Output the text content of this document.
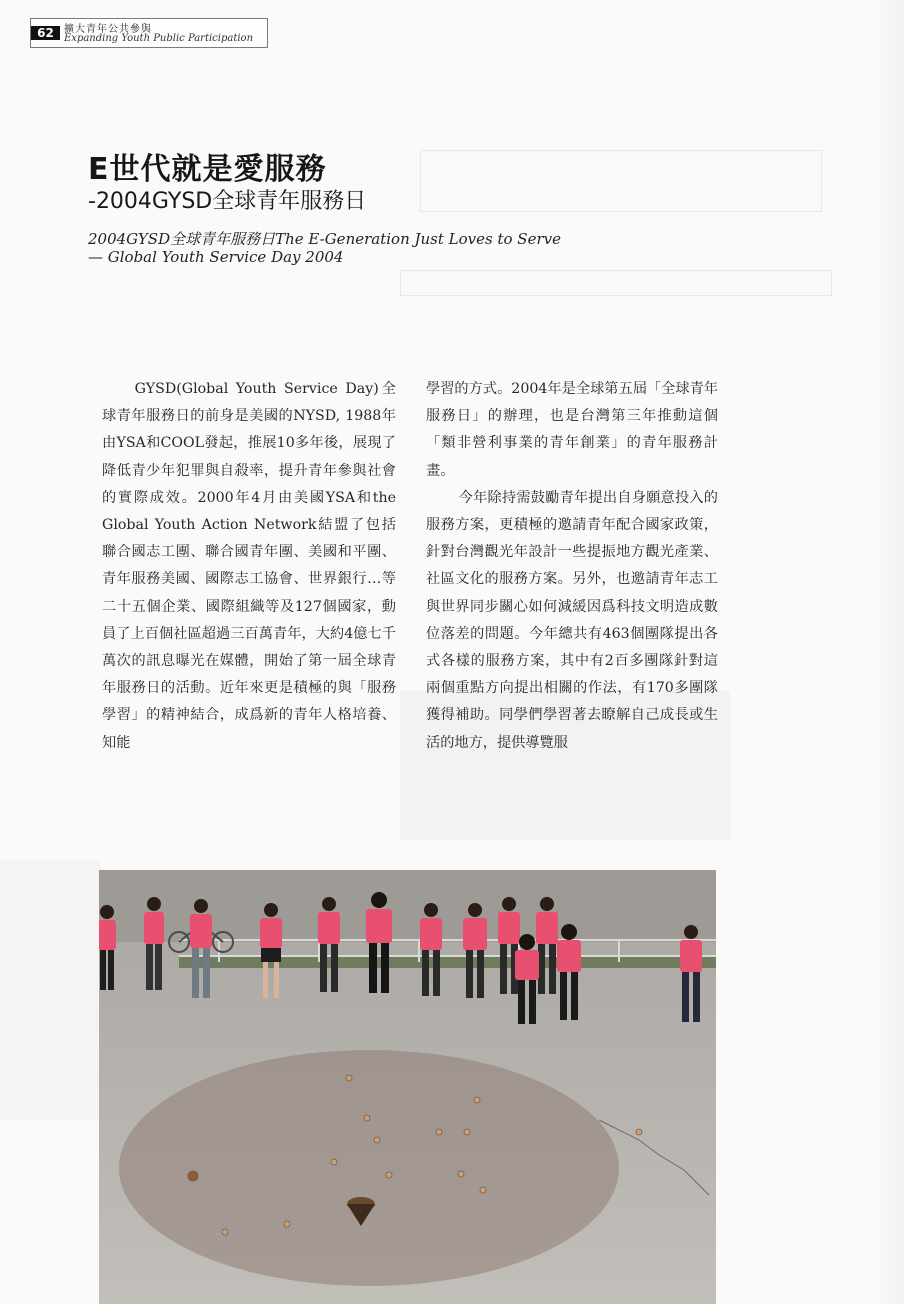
62	擴大青年公共參與
Expanding Youth Public Participation
E世代就是愛服務
-2004GYSD全球青年服務日
2004GYSD全球青年服務日The E-Generation Just Loves to Serve
— Global Youth Service Day 2004

GYSD(Global Youth Service Day)全球青年服務日的前身是美國的NYSD, 1988年由YSA和COOL發起，推展10多年後，展現了降低青少年犯罪與自殺率，提升青年參與社會的實際成效。2000年4月由美國YSA和the Global Youth Action Network結盟了包括聯合國志工團、聯合國青年團、美國和平團、青年服務美國、國際志工協會、世界銀行…等二十五個企業、國際組織等及127個國家，動員了上百個社區超過三百萬青年，大約4億七千萬次的訊息曝光在媒體，開始了第一屆全球青年服務日的活動。近年來更是積極的與「服務學習」的精神結合，成爲新的青年人格培養、知能

學習的方式。2004年是全球第五屆「全球青年服務日」的辦理，也是台灣第三年推動這個「類非營利事業的青年創業」的青年服務計畫。

今年除持需鼓勵青年提出自身願意投入的服務方案，更積極的邀請青年配合國家政策，針對台灣觀光年設計一些提振地方觀光產業、社區文化的服務方案。另外，也邀請青年志工與世界同步關心如何減緩因爲科技文明造成數位落差的問題。今年總共有463個團隊提出各式各樣的服務方案，其中有2百多團隊針對這兩個重點方向提出相關的作法，有170多團隊獲得補助。同學們學習著去瞭解自己成長或生活的地方，提供導覽服
